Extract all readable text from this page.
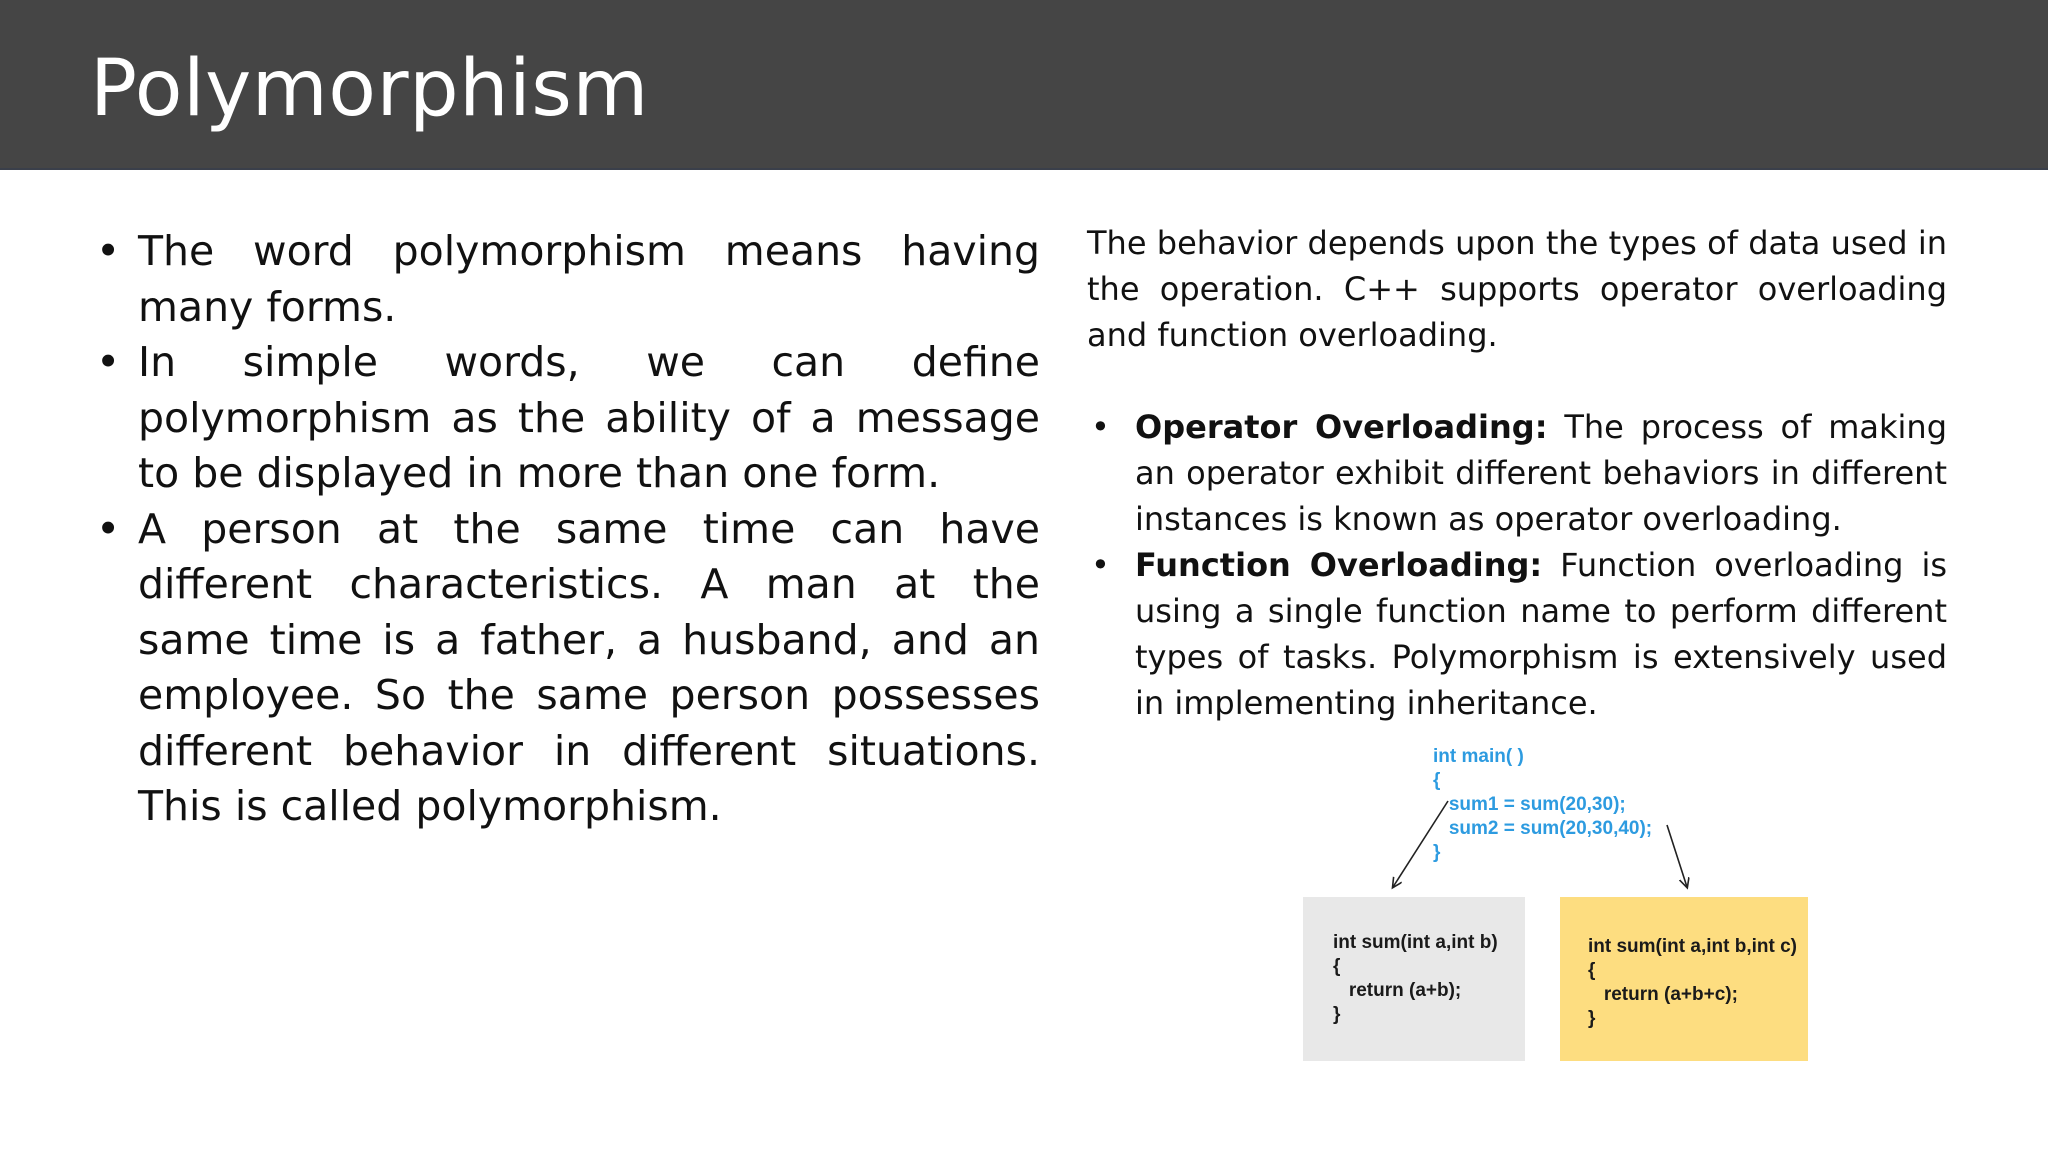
Polymorphism
• The word polymorphism means having many forms.
• In simple words, we can define polymorphism as the ability of a message to be displayed in more than one form.
• A person at the same time can have different characteristics. A man at the same time is a father, a husband, and an employee. So the same person possesses different behavior in different situations. This is called polymorphism.

The behavior depends upon the types of data used in the operation. C++ supports operator overloading and function overloading.

• Operator Overloading: The process of making an operator exhibit different behaviors in different instances is known as operator overloading.
• Function Overloading: Function overloading is using a single function name to perform different types of tasks. Polymorphism is extensively used in implementing inheritance.
int main( )
{
sum1 = sum(20,30);
sum2 = sum(20,30,40);
}
int sum(int a,int b)
{
return (a+b);
}
int sum(int a,int b,int c)
{
return (a+b+c);
}
